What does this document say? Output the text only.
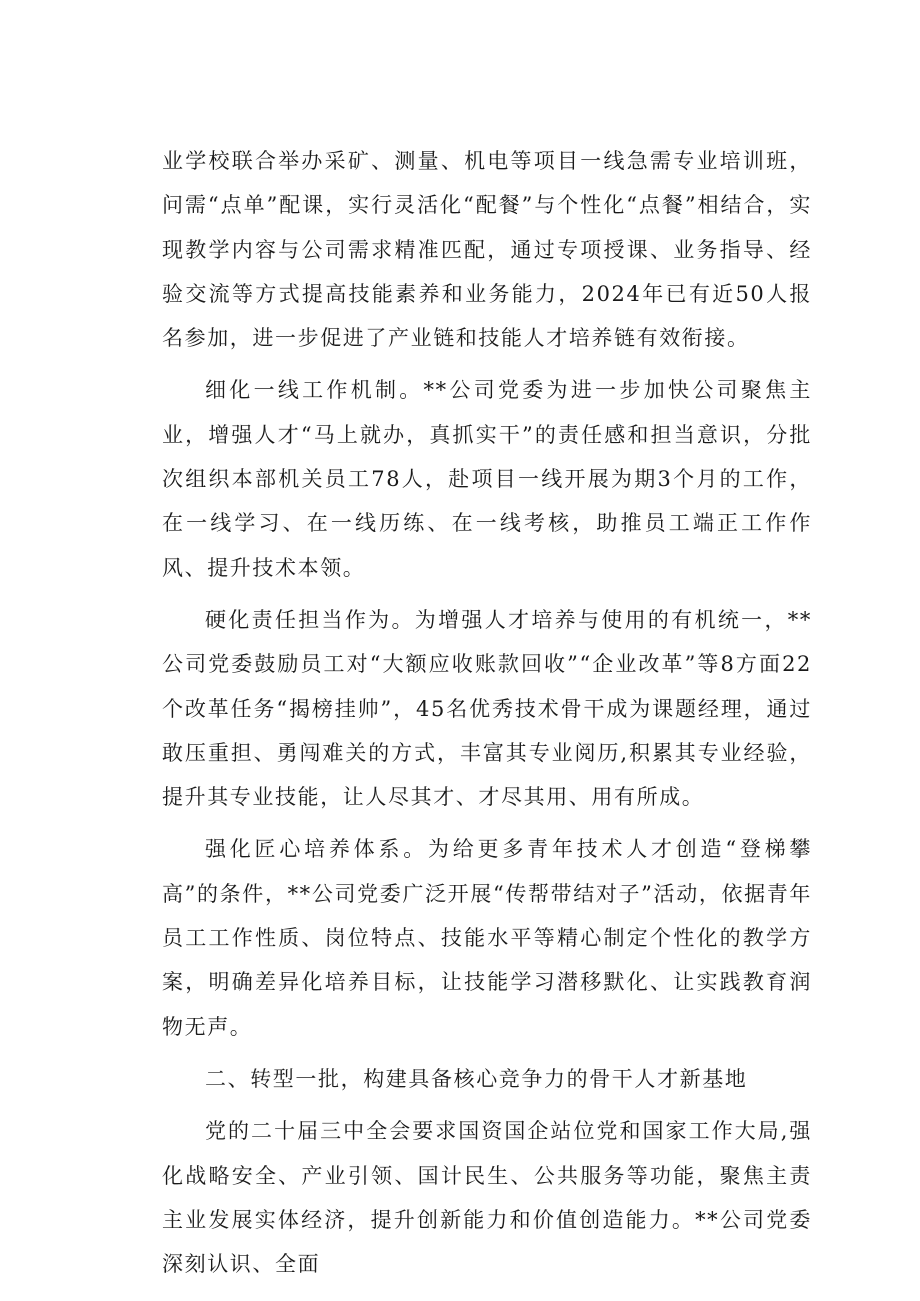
业学校联合举办采矿、测量、机电等项目一线急需专业培训班，问需“点单”配课，实行灵活化“配餐”与个性化“点餐”相结合，实现教学内容与公司需求精准匹配，通过专项授课、业务指导、经验交流等方式提高技能素养和业务能力，2024年已有近50人报名参加，进一步促进了产业链和技能人才培养链有效衔接。

细化一线工作机制。**公司党委为进一步加快公司聚焦主业，增强人才“马上就办，真抓实干”的责任感和担当意识，分批次组织本部机关员工78人，赴项目一线开展为期3个月的工作，在一线学习、在一线历练、在一线考核，助推员工端正工作作风、提升技术本领。

硬化责任担当作为。为增强人才培养与使用的有机统一，**公司党委鼓励员工对“大额应收账款回收”“企业改革”等8方面22个改革任务“揭榜挂帅”，45名优秀技术骨干成为课题经理，通过敢压重担、勇闯难关的方式，丰富其专业阅历,积累其专业经验，提升其专业技能，让人尽其才、才尽其用、用有所成。

强化匠心培养体系。为给更多青年技术人才创造“登梯攀高”的条件，**公司党委广泛开展“传帮带结对子”活动，依据青年员工工作性质、岗位特点、技能水平等精心制定个性化的教学方案，明确差异化培养目标，让技能学习潜移默化、让实践教育润物无声。

二、转型一批，构建具备核心竞争力的骨干人才新基地

党的二十届三中全会要求国资国企站位党和国家工作大局,强化战略安全、产业引领、国计民生、公共服务等功能，聚焦主责主业发展实体经济，提升创新能力和价值创造能力。**公司党委深刻认识、全面
